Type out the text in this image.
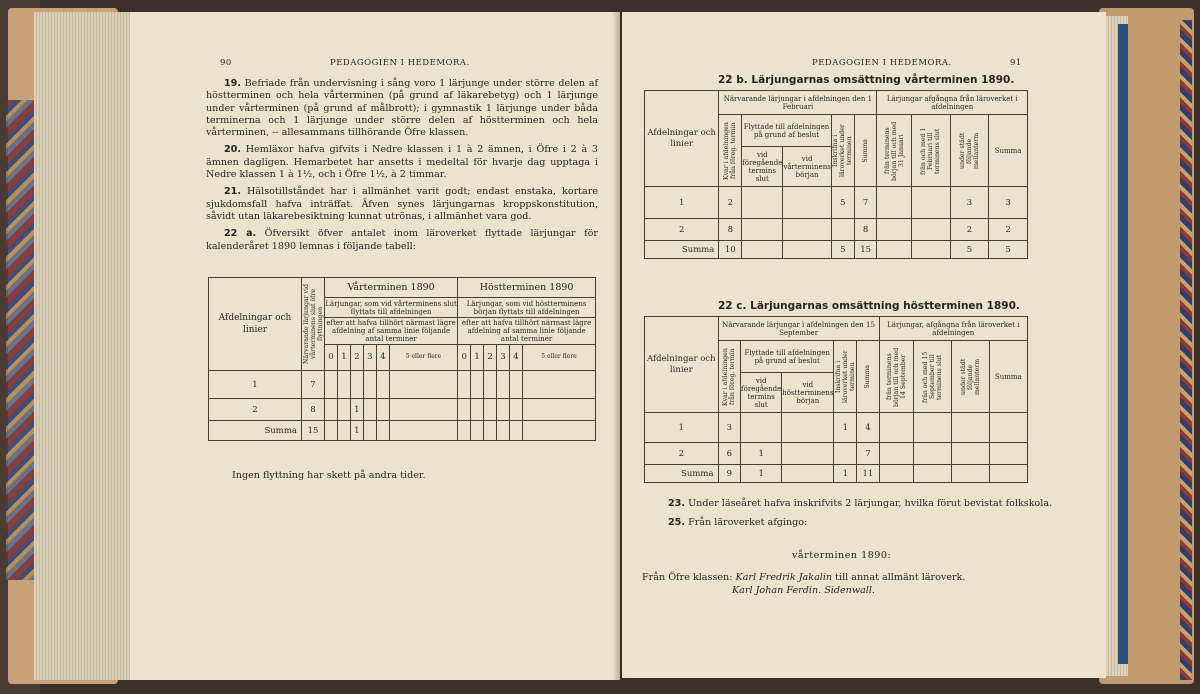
90	PEDAGOGIEN I HEDEMORA.

19. Befriade från undervisning i sång voro 1 lärjunge under större delen af höstterminen och hela vårterminen (på grund af läkarebetyg) och 1 lärjunge under vårterminen (på grund af målbrott); i gymnastik 1 lärjunge under båda terminerna och 1 lärjunge under större delen af höstterminen och hela vårterminen, -- allesammans tillhörande Öfre klassen.

20. Hemläxor hafva gifvits i Nedre klassen i 1 à 2 ämnen, i Öfre i 2 à 3 ämnen dagligen. Hemarbetet har ansetts i medeltal för hvarje dag upptaga i Nedre klassen 1 à 1½, och i Öfre 1½, à 2 timmar.

21. Hälsotillståndet har i allmänhet varit godt; endast enstaka, kortare sjukdomsfall hafva inträffat. Äfven synes lärjungarnas kroppskonstitution, såvidt utan läkarebesiktning kunnat utrönas, i allmänhet vara god.

22 a. Öfversikt öfver antalet inom läroverket flyttade lärjungar för kalenderåret 1890 lemnas i följande tabell:

Afdelningar och linier	Närvarande lärjungar vid vårterminens slut öfre flyttningen	Vårterminen 1890						Höstterminen 1890					
		Lärjungar, som vid vårterminens slut flyttats till afdelningen						Lärjungar, som vid höstterminens början flyttats till afdelningen					
		efter att hafva tillhört närmast lägre afdelning af samma linie följande antal terminer						efter att hafva tillhört närmast lägre afdelning af samma linie följande antal terminer					
		0	1	2	3	4	5 eller flere	0	1	2	3	4	5 eller flere
1	7												
2	8			1									
Summa	15			1									
Ingen flyttning har skett på andra tider.
PEDAGOGIEN I HEDEMORA.	91
22 b. Lärjungarnas omsättning vårterminen 1890.
Afdelningar och linier	Närvarande lärjungar i afdelningen den 1 Februari					Lärjungar afgångna från läroverket i afdelningen			

	Kvar i afdelningen från föreg. termin	Flyttade till afdelningen på grund af beslut		Inskrifna i läroverket under terminen	Summa	från terminens början till och med 31 Januari	från och med 1 Februari till terminens slut	under stådt följande mellanterm	Summa
		vid föregående termins slut	vid vårterminens början						
1	2			5	7			3	3
2	8				8			2	2
Summa	10			5	15			5	5
22 c. Lärjungarnas omsättning höstterminen 1890.
Afdelningar och linier	Närvarande lärjungar i afdelningen den 15 September					Lärjungar, afgångna från läroverket i afdelningen			

	Kvar i afdelningen från föreg. termin	Flyttade till afdelningen på grund af beslut		Inskrifna i läroverket under terminen	Summa	från terminens början till och med 14 September	från och med 15 September till terminens slut	under stådt följande mellanterm	Summa
		vid föregående termins slut	vid höstterminens början						
1	3			1	4				
2	6	1			7				
Summa	9	1		1	11				
23. Under läseåret hafva inskrifvits 2 lärjungar, hvilka förut bevistat folkskola.
25. Från läroverket afgingo:
vårterminen 1890:
Från Öfre klassen: Karl Fredrik Jakalin till annat allmänt läroverk.
Karl Johan Ferdin. Sidenwall.
